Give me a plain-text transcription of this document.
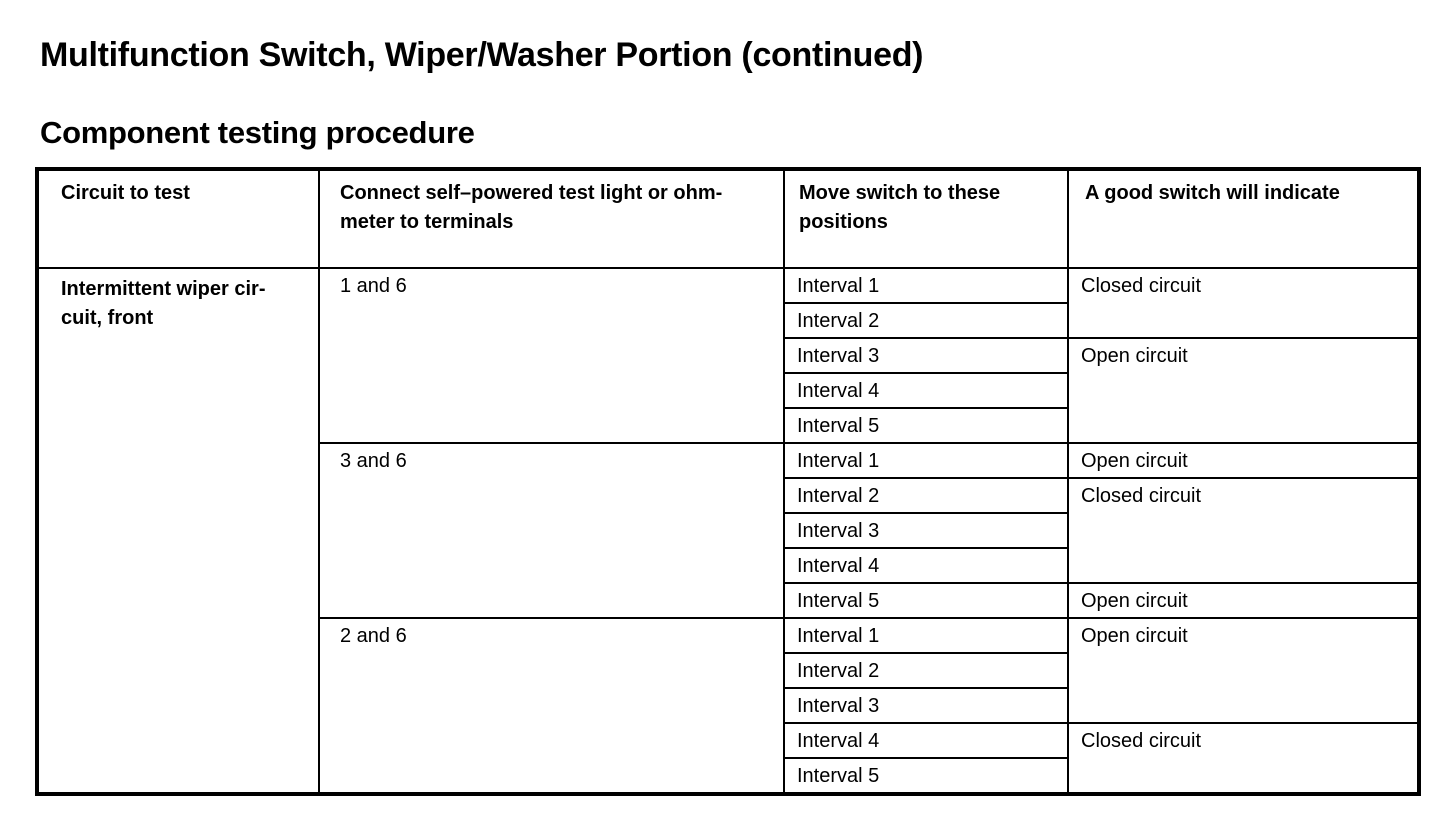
Multifunction Switch, Wiper/Washer Portion (continued)
Component testing procedure
Circuit to test	Connect self–powered test light or ohm-meter to terminals	Move switch to these positions	A good switch will indicate
Intermittent wiper cir-cuit, front	1 and 6	Interval 1	Closed circuit
		Interval 2	
		Interval 3	Open circuit
		Interval 4	
		Interval 5	
	3 and 6	Interval 1	Open circuit
		Interval 2	Closed circuit
		Interval 3	
		Interval 4	
		Interval 5	Open circuit
	2 and 6	Interval 1	Open circuit
		Interval 2	
		Interval 3	
		Interval 4	Closed circuit
		Interval 5	
